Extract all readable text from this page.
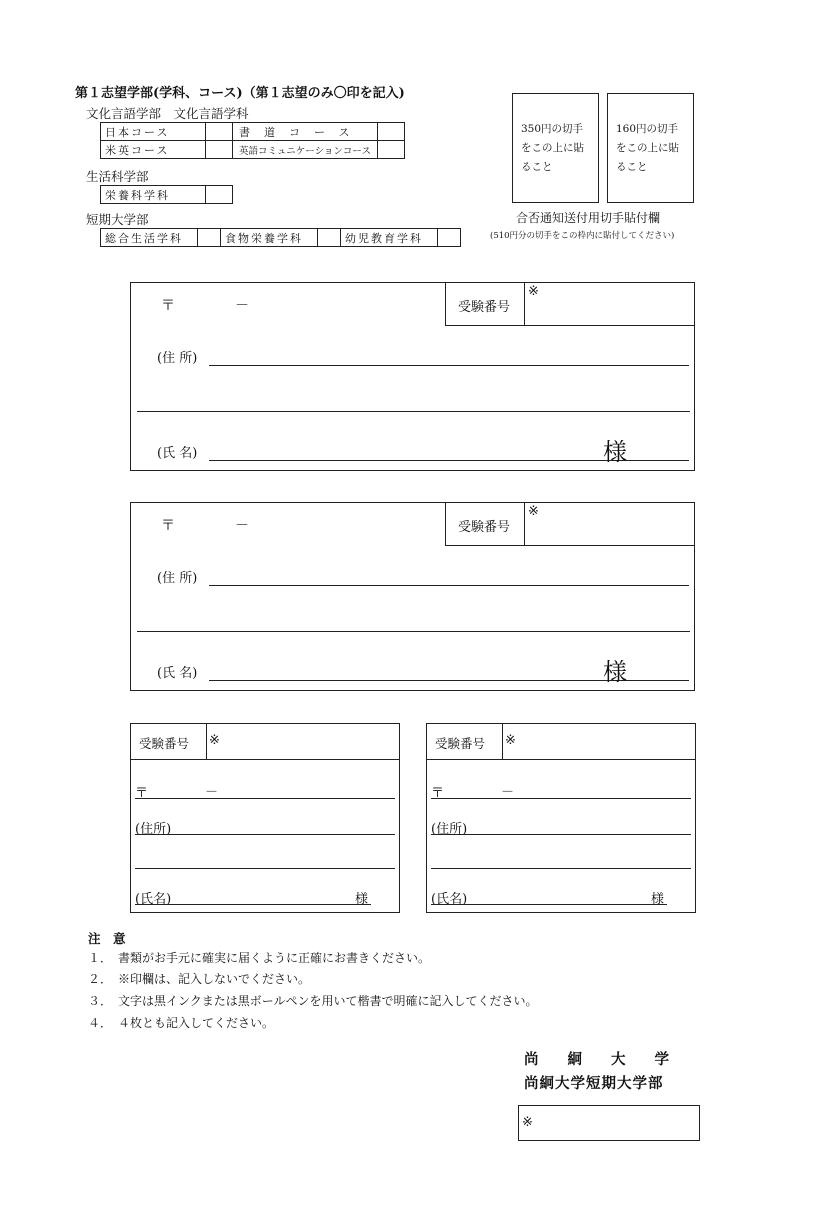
第１志望学部(学科、コース)（第１志望のみ〇印を記入)
文化言語学部　文化言語学科
日本コース		書道コース	
米英コース		英語コミュニケーションコース	
生活科学部
栄養科学科	
短期大学部
総合生活学科		食物栄養学科		幼児教育学科	
350円の切手
をこの上に貼
ること
160円の切手
をこの上に貼
ること
合否通知送付用切手貼付欄
(510円分の切手をこの枠内に貼付してください)
〒	－	受験番号
※
(住 所)
(氏 名)	様
〒	－	受験番号
※
(住 所)
(氏 名)	様
受験番号 ※
〒	－
(住所)
(氏名)	様
受験番号 ※
〒	－
(住所)
(氏名)	様
注　意
１．　書類がお手元に確実に届くように正確にお書きください。
２．　※印欄は、記入しないでください。
３．　文字は黒インクまたは黒ボールペンを用いて楷書で明確に記入してください。
４．　４枚とも記入してください。
尚　　絅　　大　　学
尚絅大学短期大学部
※
